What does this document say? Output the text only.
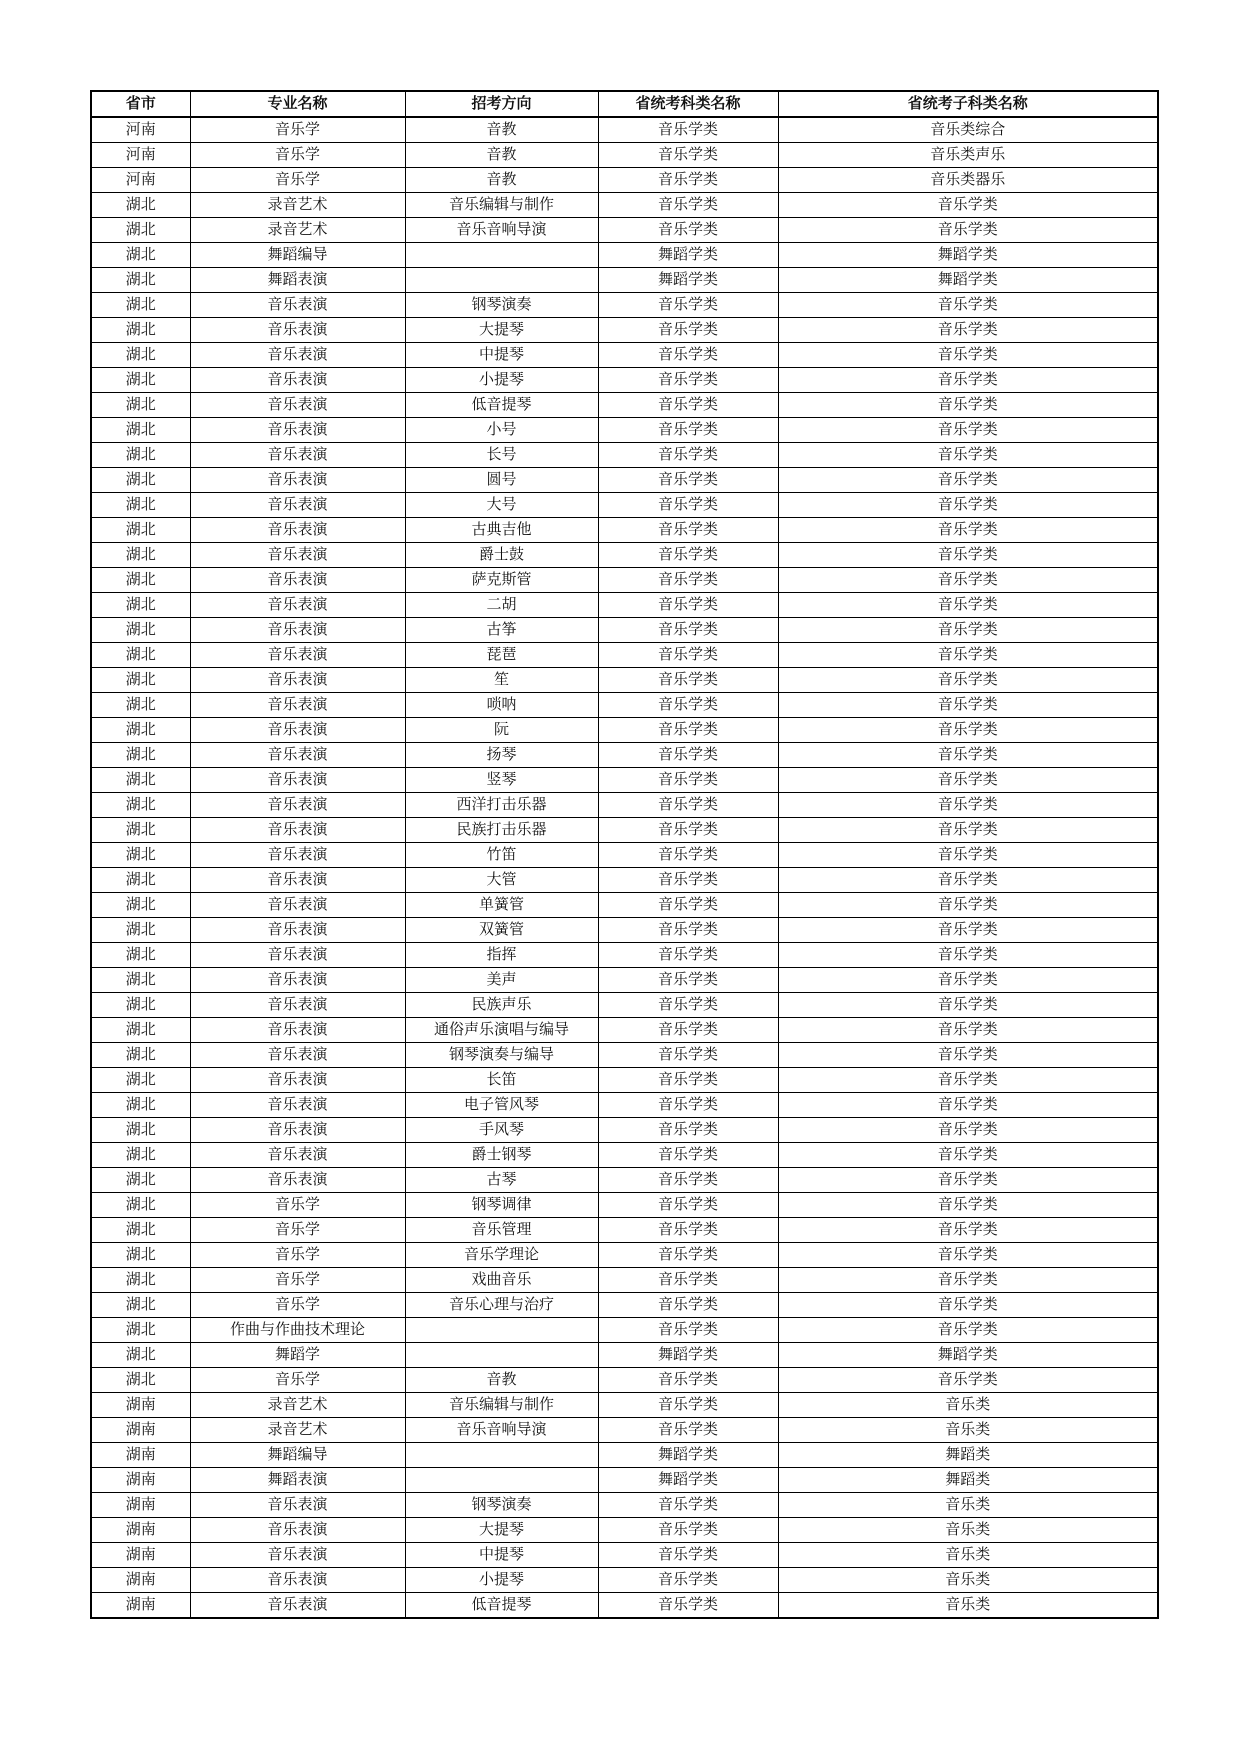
省市	专业名称	招考方向	省统考科类名称	省统考子科类名称
河南	音乐学	音教	音乐学类	音乐类综合
河南	音乐学	音教	音乐学类	音乐类声乐
河南	音乐学	音教	音乐学类	音乐类器乐
湖北	录音艺术	音乐编辑与制作	音乐学类	音乐学类
湖北	录音艺术	音乐音响导演	音乐学类	音乐学类
湖北	舞蹈编导		舞蹈学类	舞蹈学类
湖北	舞蹈表演		舞蹈学类	舞蹈学类
湖北	音乐表演	钢琴演奏	音乐学类	音乐学类
湖北	音乐表演	大提琴	音乐学类	音乐学类
湖北	音乐表演	中提琴	音乐学类	音乐学类
湖北	音乐表演	小提琴	音乐学类	音乐学类
湖北	音乐表演	低音提琴	音乐学类	音乐学类
湖北	音乐表演	小号	音乐学类	音乐学类
湖北	音乐表演	长号	音乐学类	音乐学类
湖北	音乐表演	圆号	音乐学类	音乐学类
湖北	音乐表演	大号	音乐学类	音乐学类
湖北	音乐表演	古典吉他	音乐学类	音乐学类
湖北	音乐表演	爵士鼓	音乐学类	音乐学类
湖北	音乐表演	萨克斯管	音乐学类	音乐学类
湖北	音乐表演	二胡	音乐学类	音乐学类
湖北	音乐表演	古筝	音乐学类	音乐学类
湖北	音乐表演	琵琶	音乐学类	音乐学类
湖北	音乐表演	笙	音乐学类	音乐学类
湖北	音乐表演	唢呐	音乐学类	音乐学类
湖北	音乐表演	阮	音乐学类	音乐学类
湖北	音乐表演	扬琴	音乐学类	音乐学类
湖北	音乐表演	竖琴	音乐学类	音乐学类
湖北	音乐表演	西洋打击乐器	音乐学类	音乐学类
湖北	音乐表演	民族打击乐器	音乐学类	音乐学类
湖北	音乐表演	竹笛	音乐学类	音乐学类
湖北	音乐表演	大管	音乐学类	音乐学类
湖北	音乐表演	单簧管	音乐学类	音乐学类
湖北	音乐表演	双簧管	音乐学类	音乐学类
湖北	音乐表演	指挥	音乐学类	音乐学类
湖北	音乐表演	美声	音乐学类	音乐学类
湖北	音乐表演	民族声乐	音乐学类	音乐学类
湖北	音乐表演	通俗声乐演唱与编导	音乐学类	音乐学类
湖北	音乐表演	钢琴演奏与编导	音乐学类	音乐学类
湖北	音乐表演	长笛	音乐学类	音乐学类
湖北	音乐表演	电子管风琴	音乐学类	音乐学类
湖北	音乐表演	手风琴	音乐学类	音乐学类
湖北	音乐表演	爵士钢琴	音乐学类	音乐学类
湖北	音乐表演	古琴	音乐学类	音乐学类
湖北	音乐学	钢琴调律	音乐学类	音乐学类
湖北	音乐学	音乐管理	音乐学类	音乐学类
湖北	音乐学	音乐学理论	音乐学类	音乐学类
湖北	音乐学	戏曲音乐	音乐学类	音乐学类
湖北	音乐学	音乐心理与治疗	音乐学类	音乐学类
湖北	作曲与作曲技术理论		音乐学类	音乐学类
湖北	舞蹈学		舞蹈学类	舞蹈学类
湖北	音乐学	音教	音乐学类	音乐学类
湖南	录音艺术	音乐编辑与制作	音乐学类	音乐类
湖南	录音艺术	音乐音响导演	音乐学类	音乐类
湖南	舞蹈编导		舞蹈学类	舞蹈类
湖南	舞蹈表演		舞蹈学类	舞蹈类
湖南	音乐表演	钢琴演奏	音乐学类	音乐类
湖南	音乐表演	大提琴	音乐学类	音乐类
湖南	音乐表演	中提琴	音乐学类	音乐类
湖南	音乐表演	小提琴	音乐学类	音乐类
湖南	音乐表演	低音提琴	音乐学类	音乐类
